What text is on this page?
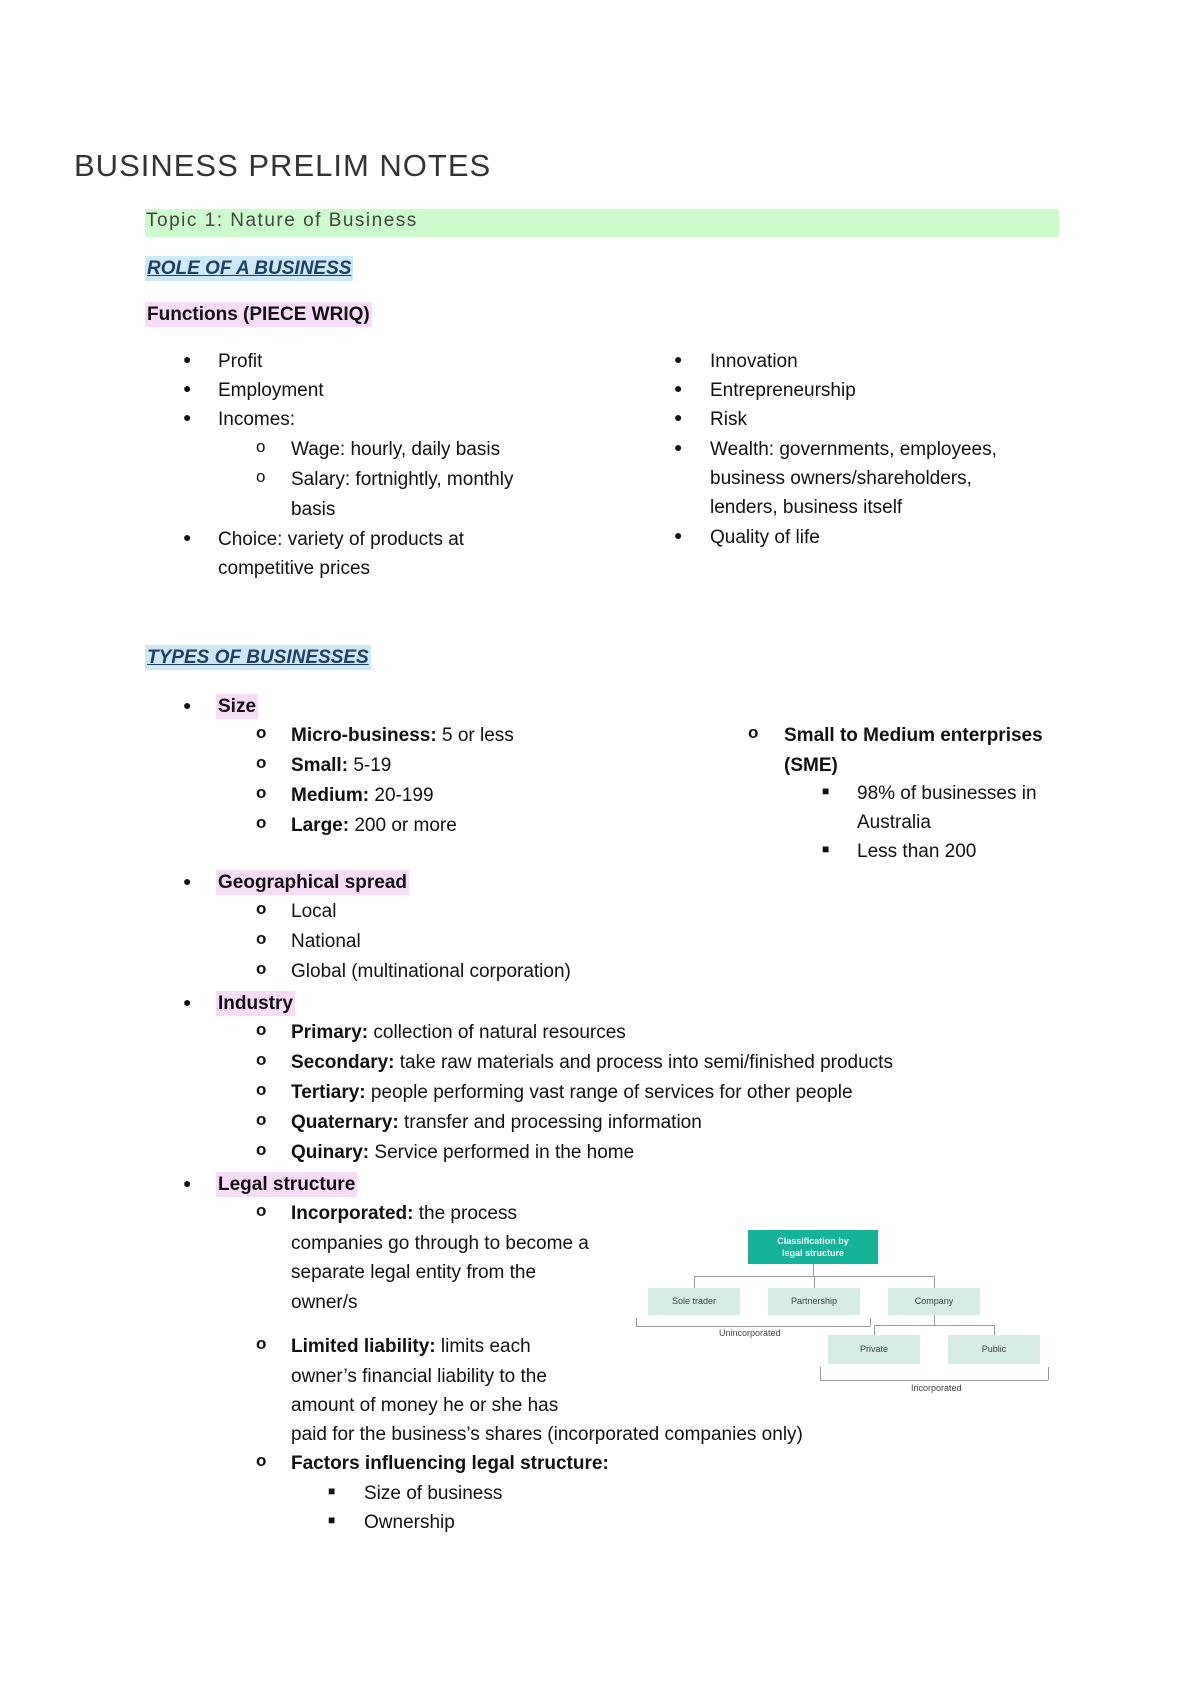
BUSINESS PRELIM NOTES
Topic 1: Nature of Business
ROLE OF A BUSINESS
Functions (PIECE WRIQ)
● Profit
● Employment
● Incomes:
o Wage: hourly, daily basis
o Salary: fortnightly, monthly
basis
● Choice: variety of products at
competitive prices
● Innovation
● Entrepreneurship
● Risk
● Wealth: governments, employees,
business owners/shareholders,
lenders, business itself
● Quality of life
TYPES OF BUSINESSES
● Size
o Micro-business: 5 or less
o Small: 5-19
o Medium: 20-199
o Large: 200 or more
o Small to Medium enterprises
(SME)
■ 98% of businesses in
Australia
■ Less than 200
● Geographical spread
o Local
o National
o Global (multinational corporation)
● Industry
o Primary: collection of natural resources
o Secondary: take raw materials and process into semi/finished products
o Tertiary: people performing vast range of services for other people
o Quaternary: transfer and processing information
o Quinary: Service performed in the home
● Legal structure
o Incorporated: the process
companies go through to become a
separate legal entity from the
owner/s
o Limited liability: limits each
owner’s financial liability to the
amount of money he or she has
paid for the business’s shares (incorporated companies only)
o Factors influencing legal structure:
■ Size of business
■ Ownership
Classification by
legal structure
Sole trader	Partnership	Company
Unincorporated
Private	Public
Incorporated
